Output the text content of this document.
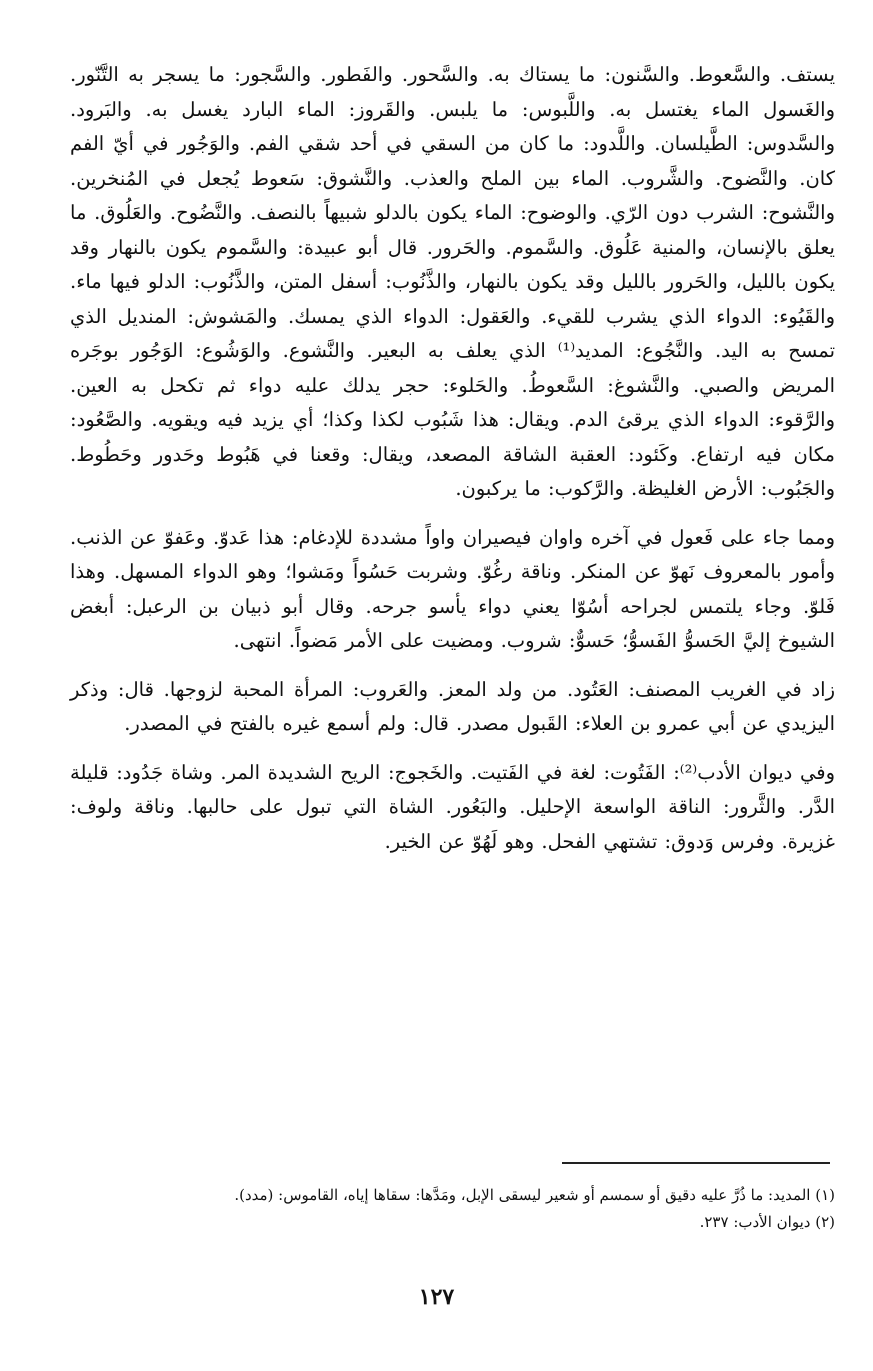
يستف. والسَّعوط. والسَّنون: ما يستاك به. والسَّحور. والفَطور. والسَّجور: ما يسجر به التَّنّور. والغَسول الماء يغتسل به. واللَّبوس: ما يلبس. والقَروز: الماء البارد يغسل به. والبَرود. والسَّدوس: الطَّيلسان. واللَّدود: ما كان من السقي في أحد شقي الفم. والوَجُور في أيّ الفم كان. والنَّضوح. والشَّروب. الماء بين الملح والعذب. والنَّشوق: سَعوط يُجعل في المُنخرين. والنَّشوح: الشرب دون الرّي. والوضوح: الماء يكون بالدلو شبيهاً بالنصف. والنَّضُوح. والعَلُوق. ما يعلق بالإنسان، والمنية عَلُوق. والسَّموم. والحَرور. قال أبو عبيدة: والسَّموم يكون بالنهار وقد يكون بالليل، والحَرور بالليل وقد يكون بالنهار، والذَّنُوب: أسفل المتن، والذَّنُوب: الدلو فيها ماء. والقَيُوء: الدواء الذي يشرب للقيء. والعَقول: الدواء الذي يمسك. والمَشوش: المنديل الذي تمسح به اليد. والنَّجُوع: المديد⁽¹⁾ الذي يعلف به البعير. والنَّشوع. والوَشُوع: الوَجُور بوجَره المريض والصبي. والنَّشوغ: السَّعوطُ. والحَلوء: حجر يدلك عليه دواء ثم تكحل به العين. والرَّقوء: الدواء الذي يرقئ الدم. ويقال: هذا شَبُوب لكذا وكذا؛ أي يزيد فيه ويقويه. والصَّعُود: مكان فيه ارتفاع. وكَئود: العقبة الشاقة المصعد، ويقال: وقعنا في هَبُوط وحَدور وحَطُوط. والجَبُوب: الأرض الغليظة. والرَّكوب: ما يركبون.

ومما جاء على فَعول في آخره واوان فيصيران واواً مشددة للإدغام: هذا عَدوّ. وعَفوّ عن الذنب. وأمور بالمعروف نَهوّ عن المنكر. وناقة رغُوّ. وشربت حَسُواً ومَشوا؛ وهو الدواء المسهل. وهذا فَلوّ. وجاء يلتمس لجراحه أسُوّا يعني دواء يأسو جرحه. وقال أبو ذبيان بن الرعبل: أبغض الشيوخ إليَّ الحَسوُّ الفَسوُّ؛ حَسوٌّ: شروب. ومضيت على الأمر مَضواً. انتهى.

زاد في الغريب المصنف: العَتُود. من ولد المعز. والعَروب: المرأة المحبة لزوجها. قال: وذكر اليزيدي عن أبي عمرو بن العلاء: القَبول مصدر. قال: ولم أسمع غيره بالفتح في المصدر.

وفي ديوان الأدب⁽²⁾: الفَتُوت: لغة في الفَتيت. والخَجوج: الريح الشديدة المر. وشاة جَدُود: قليلة الدَّر. والثَّرور: الناقة الواسعة الإحليل. والبَعُور. الشاة التي تبول على حالبها. وناقة ولوف: غزيرة. وفرس وَدوق: تشتهي الفحل. وهو لَهُوّ عن الخير.

(١) المديد: ما ذُرَّ عليه دقيق أو سمسم أو شعير ليسقى الإبل، ومَدَّها: سقاها إياه، القاموس: (مدد).

(٢) ديوان الأدب: ٢٣٧.

١٢٧
